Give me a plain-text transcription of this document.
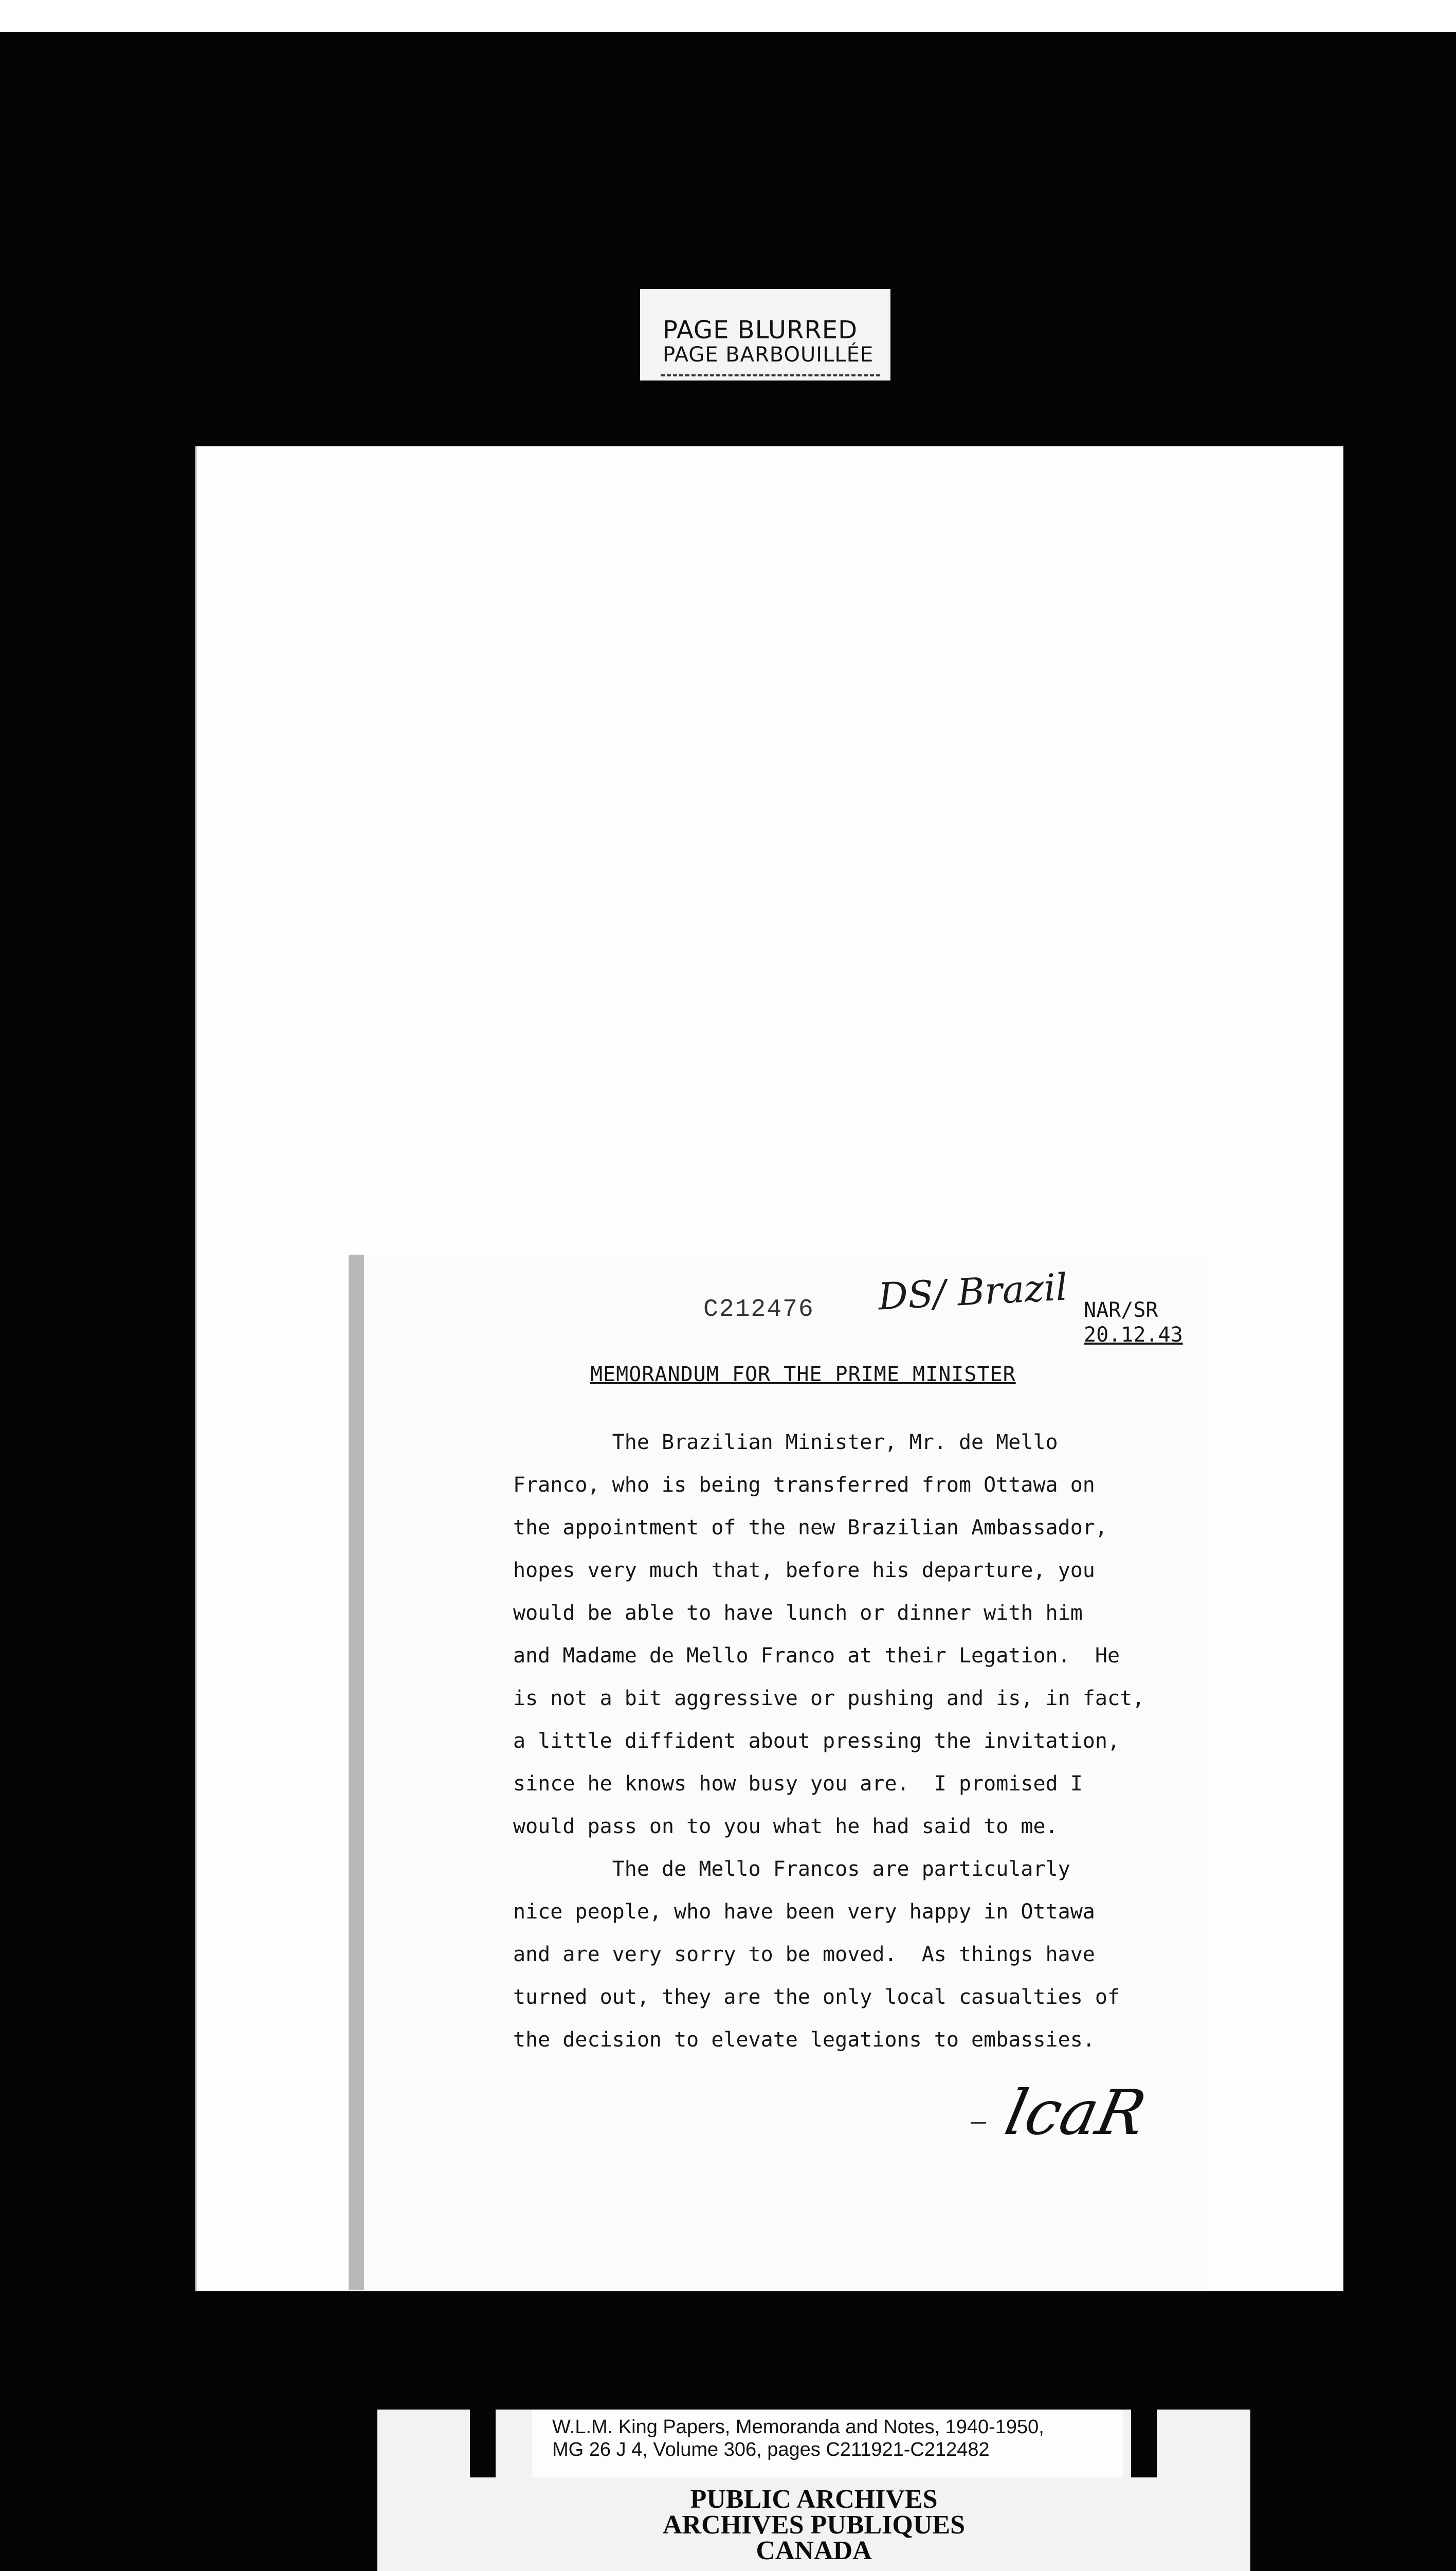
PAGE BLURRED
PAGE BARBOUILLÉE
C212476 DS/ Brazil NAR/SR
20.12.43
MEMORANDUM FOR THE PRIME MINISTER

The Brazilian Minister, Mr. de Mello

Franco, who is being transferred from Ottawa on

the appointment of the new Brazilian Ambassador,

hopes very much that, before his departure, you

would be able to have lunch or dinner with him

and Madame de Mello Franco at their Legation.  He

is not a bit aggressive or pushing and is, in fact,

a little diffident about pressing the invitation,

since he knows how busy you are.  I promised I

would pass on to you what he had said to me.

The de Mello Francos are particularly

nice people, who have been very happy in Ottawa

and are very sorry to be moved.  As things have

turned out, they are the only local casualties of

the decision to elevate legations to embassies.

lcaR
W.L.M. King Papers, Memoranda and Notes, 1940-1950,
MG 26 J 4, Volume 306, pages C211921-C212482
PUBLIC ARCHIVES
ARCHIVES PUBLIQUES
CANADA
